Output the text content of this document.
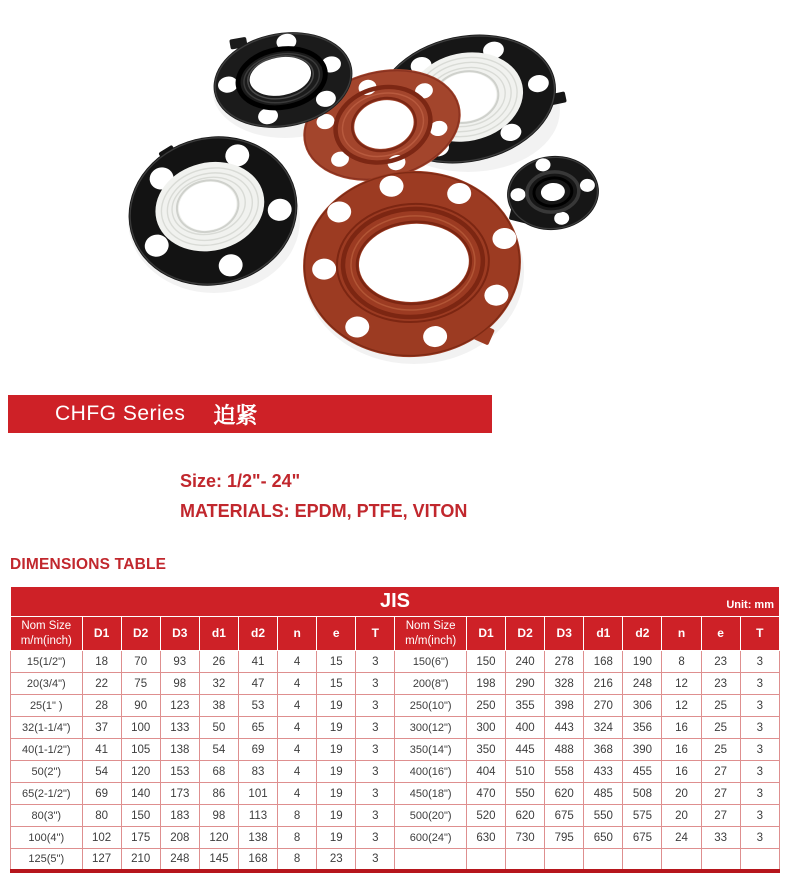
CHFG Series 迫紧
Size: 1/2"- 24"
MATERIALS: EPDM, PTFE, VITON
DIMENSIONS TABLE
JIS Unit: mm																	

Nom Size
m/m(inch)	D1	D2	D3	d1	d2	n	e	T	Nom Size
m/m(inch)	D1	D2	D3	d1	d2	n	e	T
15(1/2")	18	70	93	26	41	4	15	3	150(6")	150	240	278	168	190	8	23	3
20(3/4")	22	75	98	32	47	4	15	3	200(8")	198	290	328	216	248	12	23	3
25(1" )	28	90	123	38	53	4	19	3	250(10")	250	355	398	270	306	12	25	3
32(1-1/4")	37	100	133	50	65	4	19	3	300(12")	300	400	443	324	356	16	25	3
40(1-1/2")	41	105	138	54	69	4	19	3	350(14")	350	445	488	368	390	16	25	3
50(2")	54	120	153	68	83	4	19	3	400(16")	404	510	558	433	455	16	27	3
65(2-1/2")	69	140	173	86	101	4	19	3	450(18")	470	550	620	485	508	20	27	3
80(3")	80	150	183	98	113	8	19	3	500(20")	520	620	675	550	575	20	27	3
100(4")	102	175	208	120	138	8	19	3	600(24")	630	730	795	650	675	24	33	3
125(5")	127	210	248	145	168	8	23	3									
